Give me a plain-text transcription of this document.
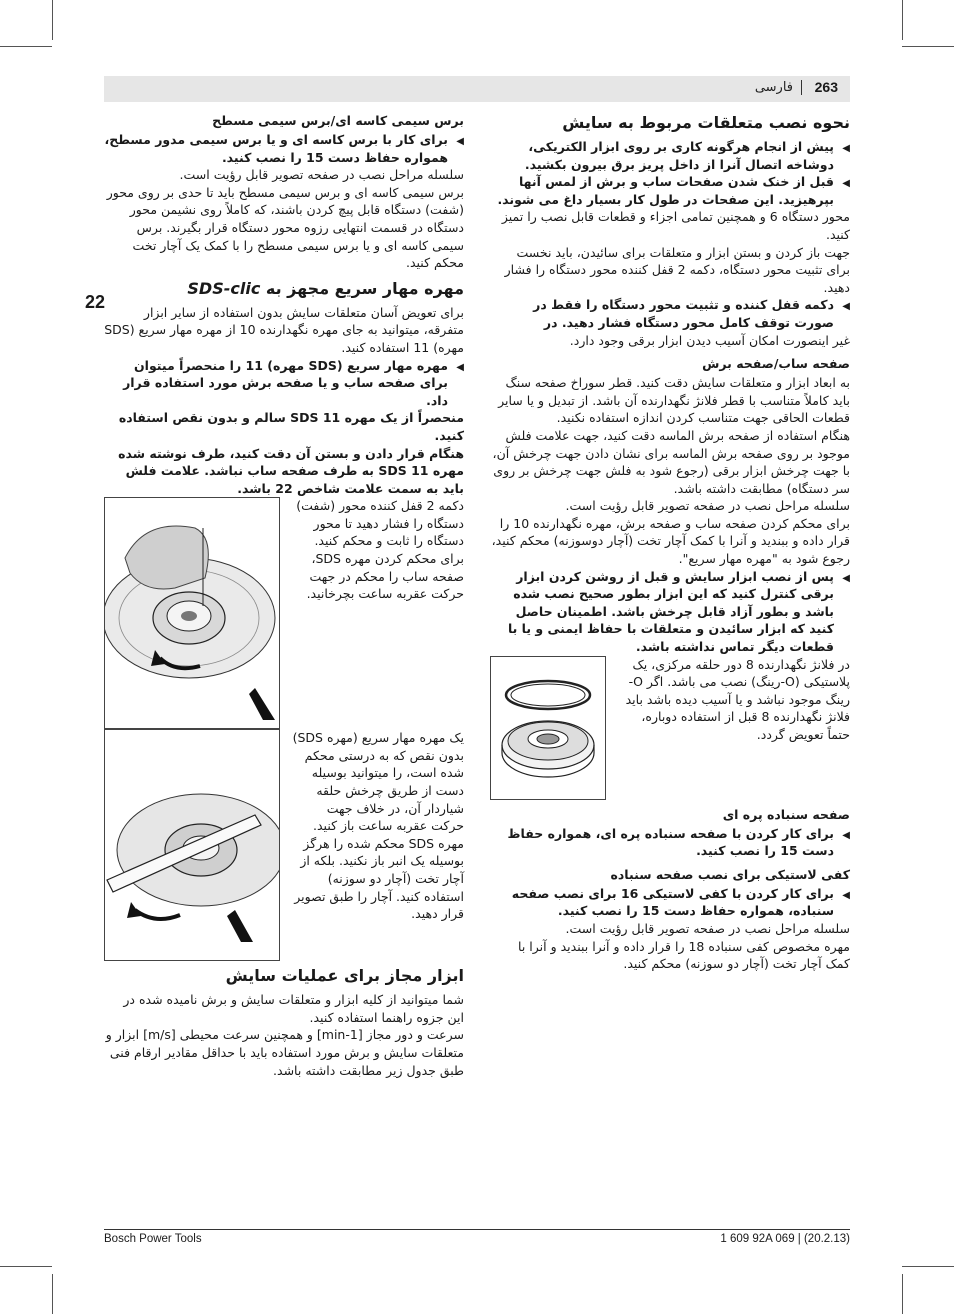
263
فارسی
نحوه نصب متعلقات مربوط به سایش
◀
پیش از انجام هرگونه کاری بر روی ابزار الکتریکی، دوشاخه اتصال آنرا از داخل پریز برق بیرون بکشید.
◀
قبل از خنک شدن صفحات ساب و برش از لمس آنها بپرهیزید. این صفحات در طول کار بسیار داغ می شوند.

محور دستگاه 6 و همچنین تمامی اجزاء و قطعات قابل نصب را تمیز کنید.

جهت باز کردن و بستن ابزار و متعلقات برای سائیدن، باید نخست برای تثبیت محور دستگاه، دکمه 2 قفل کننده محور دستگاه را فشار دهید.

◀
دکمه قفل کننده و تثبیت محور دستگاه را فقط در صورت توقف کامل محور دستگاه فشار دهید. در

غیر اینصورت امکان آسیب دیدن ابزار برقی وجود دارد.

صفحه ساب/صفحه برش

به ابعاد ابزار و متعلقات سایش دقت کنید. قطر سوراخ صفحه سنگ باید کاملاً متناسب با قطر فلانژ نگهدارنده آن باشد. از تبدیل و یا سایر قطعات الحاقی جهت متناسب کردن اندازه استفاده نکنید.

هنگام استفاده از صفحه برش الماسه دقت کنید، جهت علامت فلش موجود بر روی صفحه برش الماسه برای نشان دادن جهت چرخش آن، با جهت چرخش ابزار برقی (رجوع شود به فلش جهت چرخش بر روی سر دستگاه) مطابقت داشته باشد.

سلسله مراحل نصب در صفحه تصویر قابل رؤیت است.

برای محکم کردن صفحه ساب و صفحه برش، مهره نگهدارنده 10 را قرار داده و ببندید و آنرا با کمک آچار تخت (آچار دوسوزنه) محکم کنید، رجوع شود به "مهره مهار سریع".

◀
پس از نصب ابزار سایش و قبل از روشن کردن ابزار برقی کنترل کنید که این ابزار بطور صحیح نصب شده باشد و بطور آزاد قابل چرخش باشد. اطمینان حاصل کنید که ابزار سائیدن و متعلقات با حفاظ ایمنی و یا با قطعات دیگر تماس نداشته باشد.
در فلانژ نگهدارنده 8 دور حلقه مرکزی، یک پلاستیکی (O-رینگ) نصب می باشد. اگر O-رینگ موجود نباشد و یا آسیب دیده باشد باید فلانژ نگهدارنده 8 قبل از استفاده دوباره، حتماً تعویض گردد.
صفحه سنباده پره ای
◀
برای کار کردن با صفحه سنباده پره ای، همواره حفاظ دست 15 را نصب کنید.
کفی لاستیکی برای نصب صفحه سنباده
◀
برای کار کردن با کفی لاستیکی 16 برای نصب صفحه سنباده، همواره حفاظ دست 15 را نصب کنید.

سلسله مراحل نصب در صفحه تصویر قابل رؤیت است.

مهره مخصوص کفی سنباده 18 را قرار داده و آنرا ببندید و آنرا با کمک آچار تخت (آچار دو سوزنه) محکم کنید.

برس سیمی کاسه ای/برس سیمی مسطح
◀
برای کار با برس کاسه ای و یا برس سیمی مدور مسطح، همواره حفاظ دست 15 را نصب کنید.

سلسله مراحل نصب در صفحه تصویر قابل رؤیت است.

برس سیمی کاسه ای و برس سیمی مسطح باید تا حدی بر روی محور (شفت) دستگاه قابل پیچ کردن باشند، که کاملاً روی نشیمن محور دستگاه در قسمت انتهایی رزوه محور دستگاه قرار بگیرند. برس سیمی کاسه ای و یا برس سیمی مسطح را با کمک یک آچار تخت محکم کنید.

مهره مهار سریع مجهز به SDS-clic

برای تعویض آسان متعلقات سایش بدون استفاده از سایر ابزار متفرقه، میتوانید به جای مهره نگهدارنده 10 از مهره مهار سریع (SDS مهره) 11 استفاده کنید.

◀
مهره مهار سریع (SDS مهره) 11 را منحصراً میتوان برای صفحه ساب و یا صفحه برش مورد استفاده قرار داد.

منحصراً از یک مهره SDS 11 سالم و بدون نقص استفاده کنید.

هنگام قرار دادن و بستن آن دقت کنید، طرف نوشته شده مهره SDS 11 به طرف صفحه ساب نباشد. علامت فلش باید به سمت علامت شاخص 22 باشد.

دکمه 2 قفل کننده محور (شفت) دستگاه را فشار دهید تا محور دستگاه را ثابت و محکم کنید. برای محکم کردن مهره SDS، صفحه ساب را محکم در جهت حرکت عقربه ساعت بچرخانید.
22
یک مهره مهار سریع (مهره SDS) بدون نقص که به درستی محکم شده است، را میتوانید بوسیله دست از طریق چرخش حلقه شیاردار آن، در خلاف جهت حرکت عقربه ساعت باز کنید. مهره SDS محکم شده را هرگز بوسیله یک انبر باز نکنید. بلکه از آچار تخت (آچار دو سوزنه) استفاده کنید. آچار را طبق تصویر قرار دهید.
ابزار مجاز برای عملیات سایش

شما میتوانید از کلیه ابزار و متعلقات سایش و برش نامیده شده در این جزوه راهنما استفاده کنید.

سرعت و دور مجاز [min-1] و همچنین سرعت محیطی [m/s] ابزار و متعلقات سایش و برش مورد استفاده باید با حداقل مقادیر ارقام فنی طبق جدول زیر مطابقت داشته باشد.

Bosch Power Tools	1 609 92A 069 | (20.2.13)
